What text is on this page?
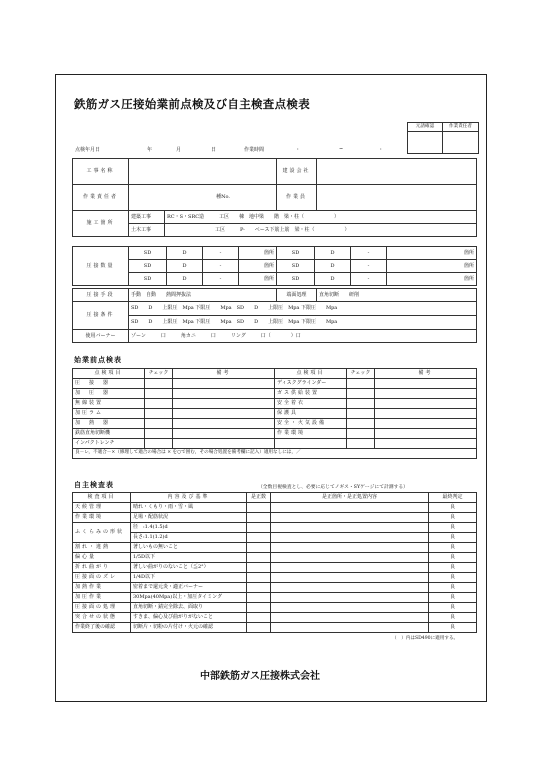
鉄筋ガス圧接始業前点検及び自主検査点検表
元請確認	作業責任者

点検年月日	年	月	日	作業時間	:	~	:
工事名称			建設会社	
作業責任者	種No.		作業員	
施工箇所	建築工事	RC・S・SRC造　　　工区　　棟　地中梁　　階　梁・柱（　　　　　　）		
	土木工事	工区　　　P-　　ベース下筋上筋　梁・柱（　　　　　　）		
圧接数量	SD	D	-	箇所	SD	D	-	箇所
	SD	D	-	箇所	SD	D	-	箇所
	SD	D	-	箇所	SD	D	-	箇所
圧接手段	手動　自動　　熱間押抜法	端面処理	直角切断　　研削
圧接条件	SD　　D　　上限圧　Mpa 下限圧　　Mpa　SD　　D　　上限圧　Mpa 下限圧　　Mpa		
	SD　　D　　上限圧　Mpa 下限圧　　Mpa　SD　　D　　上限圧　Mpa 下限圧　　Mpa		
使用バーナー	ゾーン　　　口　　　角カニ　　　口　　　リング　　　口（　　　　）口		
始業前点検表
点検項目	チェック	備考	点検項目	チェック	備考
圧　接　器			ディスクグラインダー		
加　圧　器			ガス供給装置		
無線装置			安全着衣		
加圧ラム			保護具		
加　熱　器			安全・火気設備		
鉄筋直角切断機			作業環境		
インパクトレンチ					
良－レ，不適合－×（修理して適合の場合は × を○で囲む，その場合処置を備考欄に記入）適用なしには，／					
自主検査表	（全数目視検査とし、必要に応じてノギス・SYゲージにて計測する）
検査項目	内容及び基準	是正数	是正箇所・是正処置内容	最終判定
天候管理	晴れ・くもり・雨・雪・風			良
作業環境	足場・配筋状況			良
ふくらみの形状	径　:1.4(1.5)d			良
	長さ:1.1(1.2)d			良
割れ・違熱	著しいもの無いこと			良
偏心量	1/5D以下			良
折れ曲がり	著しい曲がりのないこと（≦2°）			良
圧接面のズレ	1/4D以下			良
加熱作業	密着まで還元炎・適正バーナー			良
加圧作業	30Mpa(40Mpa)以上・加圧タイミング			良
圧接面の処理	直角切断・錆完全除去、面取り			良
突合せの状態	すきま、偏心及び曲がりがないこと			良
作業終了後の確認	切断片・切粉の片付け・火元の確認			良
（　）内はSD490に適用する。
中部鉄筋ガス圧接株式会社
